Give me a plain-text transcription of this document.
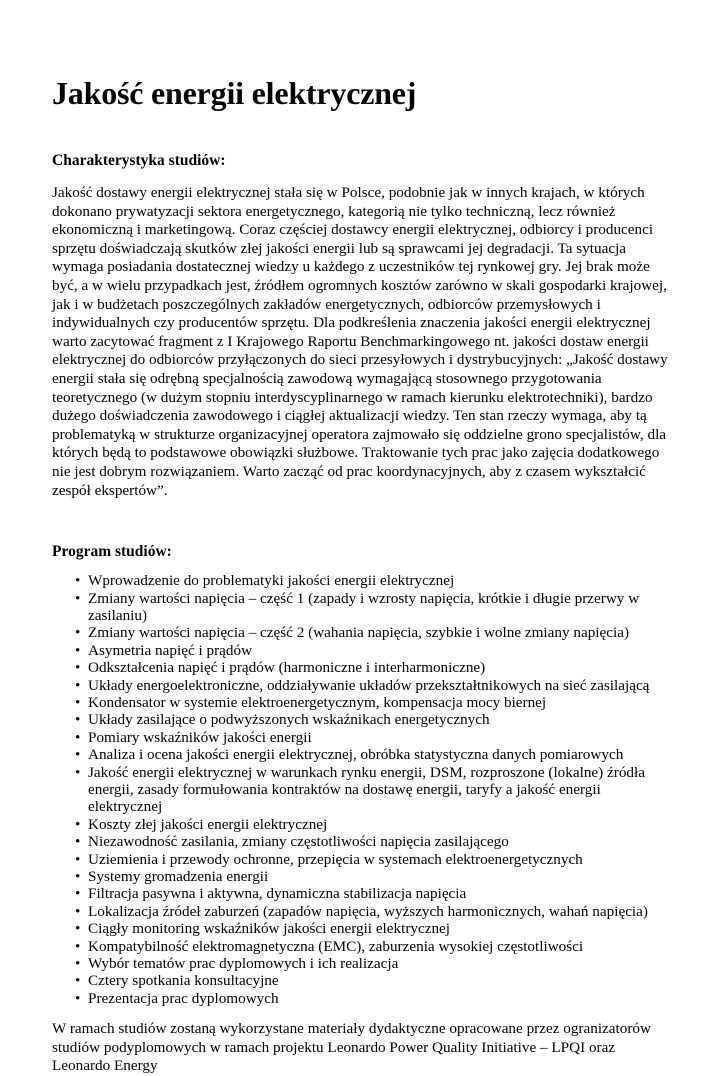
Jakość energii elektrycznej
Charakterystyka studiów:

Jakość dostawy energii elektrycznej stała się w Polsce, podobnie jak w innych krajach, w których dokonano prywatyzacji sektora energetycznego, kategorią nie tylko techniczną, lecz również ekonomiczną i marketingową. Coraz częściej dostawcy energii elektrycznej, odbiorcy i producenci sprzętu doświadczają skutków złej jakości energii lub są sprawcami jej degradacji. Ta sytuacja wymaga posiadania dostatecznej wiedzy u każdego z uczestników tej rynkowej gry. Jej brak może być, a w wielu przypadkach jest, źródłem ogromnych kosztów zarówno w skali gospodarki krajowej, jak i w budżetach poszczególnych zakładów energetycznych, odbiorców przemysłowych i indywidualnych czy producentów sprzętu. Dla podkreślenia znaczenia jakości energii elektrycznej warto zacytować fragment z I Krajowego Raportu Benchmarkingowego nt. jakości dostaw energii elektrycznej do odbiorców przyłączonych do sieci przesyłowych i dystrybucyjnych: „Jakość dostawy energii stała się odrębną specjalnością zawodową wymagającą stosownego przygotowania teoretycznego (w dużym stopniu interdyscyplinarnego w ramach kierunku elektrotechniki), bardzo dużego doświadczenia zawodowego i ciągłej aktualizacji wiedzy. Ten stan rzeczy wymaga, aby tą problematyką w strukturze organizacyjnej operatora zajmowało się oddzielne grono specjalistów, dla których będą to podstawowe obowiązki służbowe. Traktowanie tych prac jako zajęcia dodatkowego nie jest dobrym rozwiązaniem. Warto zacząć od prac koordynacyjnych, aby z czasem wykształcić zespół ekspertów”.

Program studiów:
• Wprowadzenie do problematyki jakości energii elektrycznej
• Zmiany wartości napięcia – część 1 (zapady i wzrosty napięcia, krótkie i długie przerwy w zasilaniu)
• Zmiany wartości napięcia – część 2 (wahania napięcia, szybkie i wolne zmiany napięcia)
• Asymetria napięć i prądów
• Odkształcenia napięć i prądów (harmoniczne i interharmoniczne)
• Układy energoelektroniczne, oddziaływanie układów przekształtnikowych na sieć zasilającą
• Kondensator w systemie elektroenergetycznym, kompensacja mocy biernej
• Układy zasilające o podwyższonych wskaźnikach energetycznych
• Pomiary wskaźników jakości energii
• Analiza i ocena jakości energii elektrycznej, obróbka statystyczna danych pomiarowych
• Jakość energii elektrycznej w warunkach rynku energii, DSM, rozproszone (lokalne) źródła energii, zasady formułowania kontraktów na dostawę energii, taryfy a jakość energii elektrycznej
• Koszty złej jakości energii elektrycznej
• Niezawodność zasilania, zmiany częstotliwości napięcia zasilającego
• Uziemienia i przewody ochronne, przepięcia w systemach elektroenergetycznych
• Systemy gromadzenia energii
• Filtracja pasywna i aktywna, dynamiczna stabilizacja napięcia
• Lokalizacja źródeł zaburzeń (zapadów napięcia, wyższych harmonicznych, wahań napięcia)
• Ciągły monitoring wskaźników jakości energii elektrycznej
• Kompatybilność elektromagnetyczna (EMC), zaburzenia wysokiej częstotliwości
• Wybór tematów prac dyplomowych i ich realizacja
• Cztery spotkania konsultacyjne
• Prezentacja prac dyplomowych

W ramach studiów zostaną wykorzystane materiały dydaktyczne opracowane przez ogranizatorów studiów podyplomowych w ramach projektu Leonardo Power Quality Initiative – LPQI oraz Leonardo Energy
